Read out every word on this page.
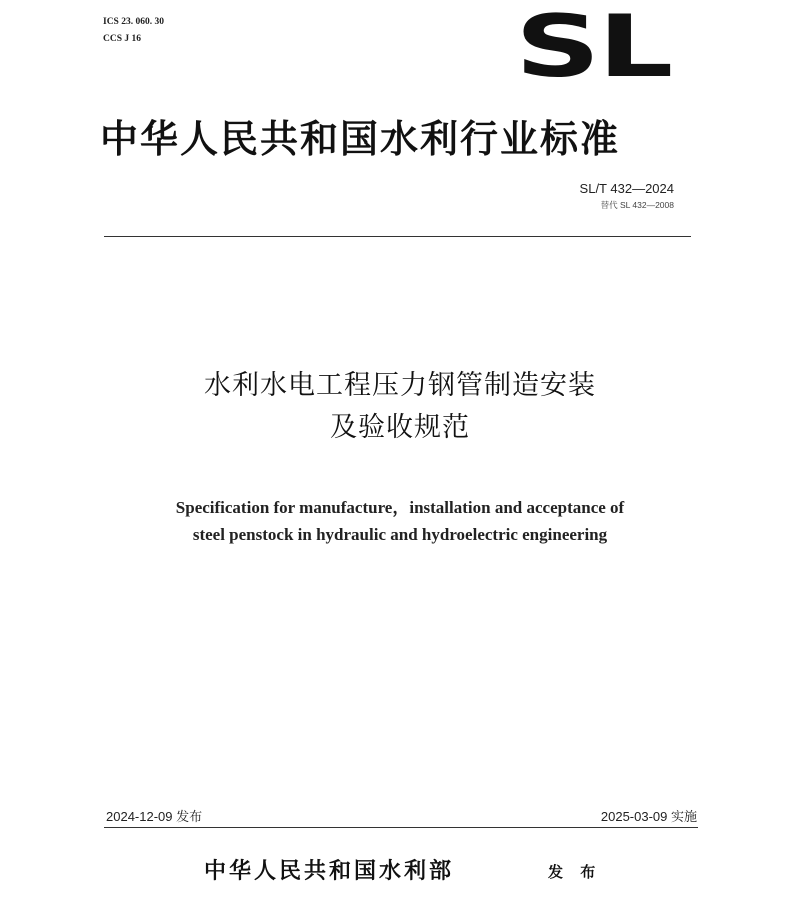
ICS 23. 060. 30
CCS J 16	SL
中华人民共和国水利行业标准
SL/T 432—2024
替代 SL 432—2008
水利水电工程压力钢管制造安装
及验收规范
Specification for manufacture，installation and acceptance of
steel penstock in hydraulic and hydroelectric engineering
2024-12-09 发布	2025-03-09 实施
中华人民共和国水利部	发 布
